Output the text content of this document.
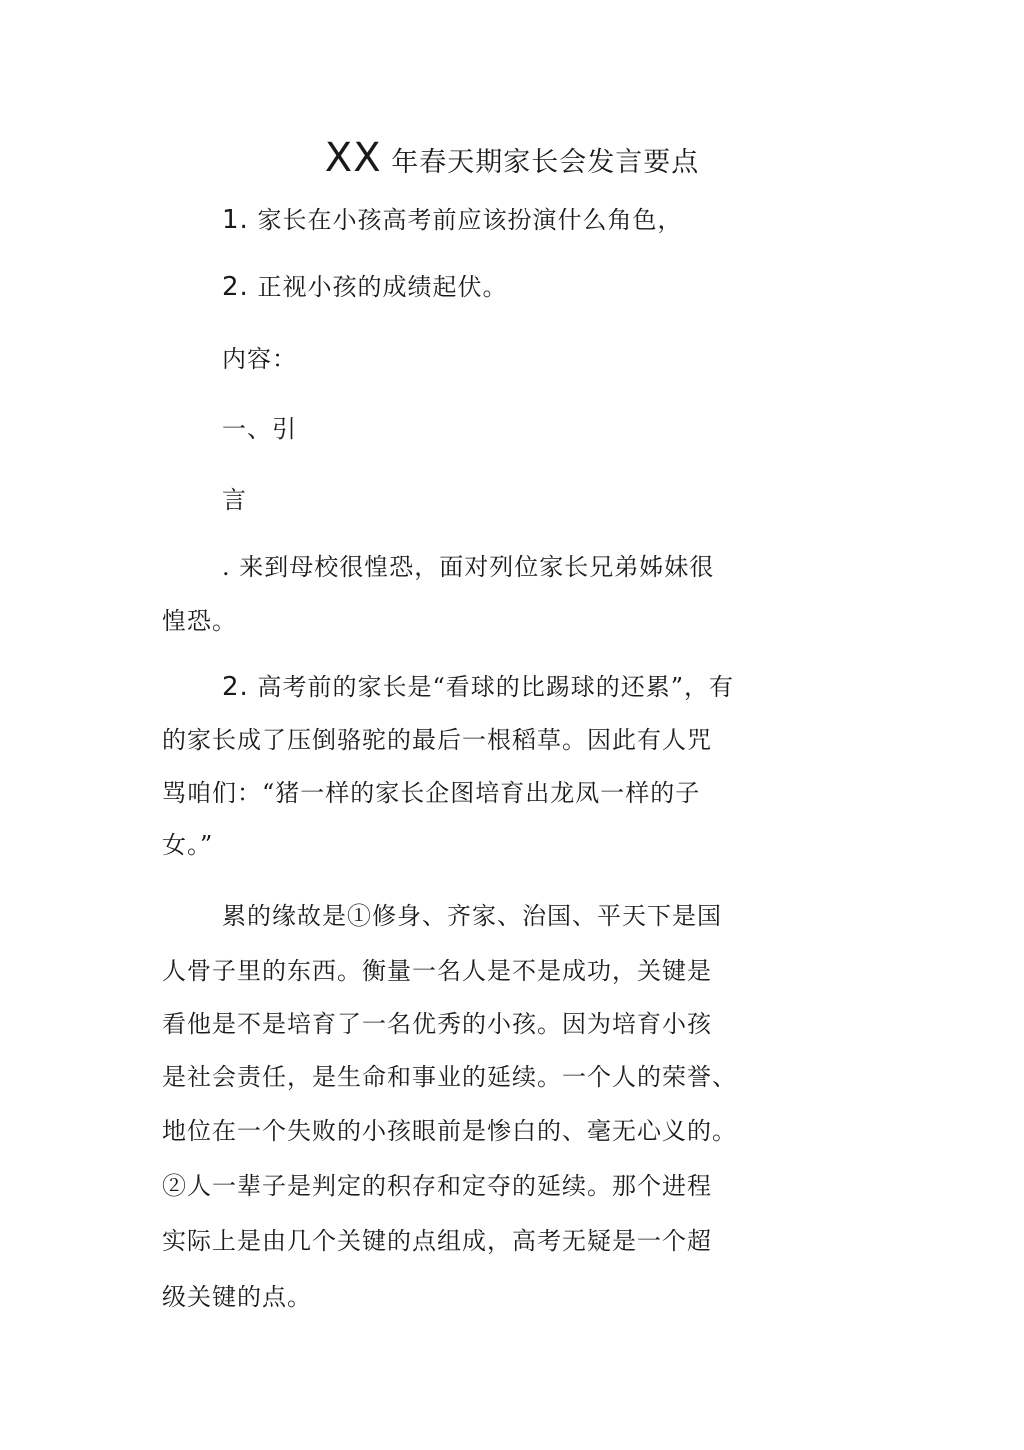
XX 年春天期家长会发言要点
1. 家长在小孩高考前应该扮演什么角色，
2. 正视小孩的成绩起伏。
内容：
一、引
言
. 来到母校很惶恐，面对列位家长兄弟姊妹很
惶恐。
2. 高考前的家长是“看球的比踢球的还累”，有
的家长成了压倒骆驼的最后一根稻草。因此有人咒
骂咱们：“猪一样的家长企图培育出龙凤一样的子
女。”
累的缘故是①修身、齐家、治国、平天下是国
人骨子里的东西。衡量一名人是不是成功，关键是
看他是不是培育了一名优秀的小孩。因为培育小孩
是社会责任，是生命和事业的延续。一个人的荣誉、
地位在一个失败的小孩眼前是惨白的、毫无心义的。
②人一辈子是判定的积存和定夺的延续。那个进程
实际上是由几个关键的点组成，高考无疑是一个超
级关键的点。
